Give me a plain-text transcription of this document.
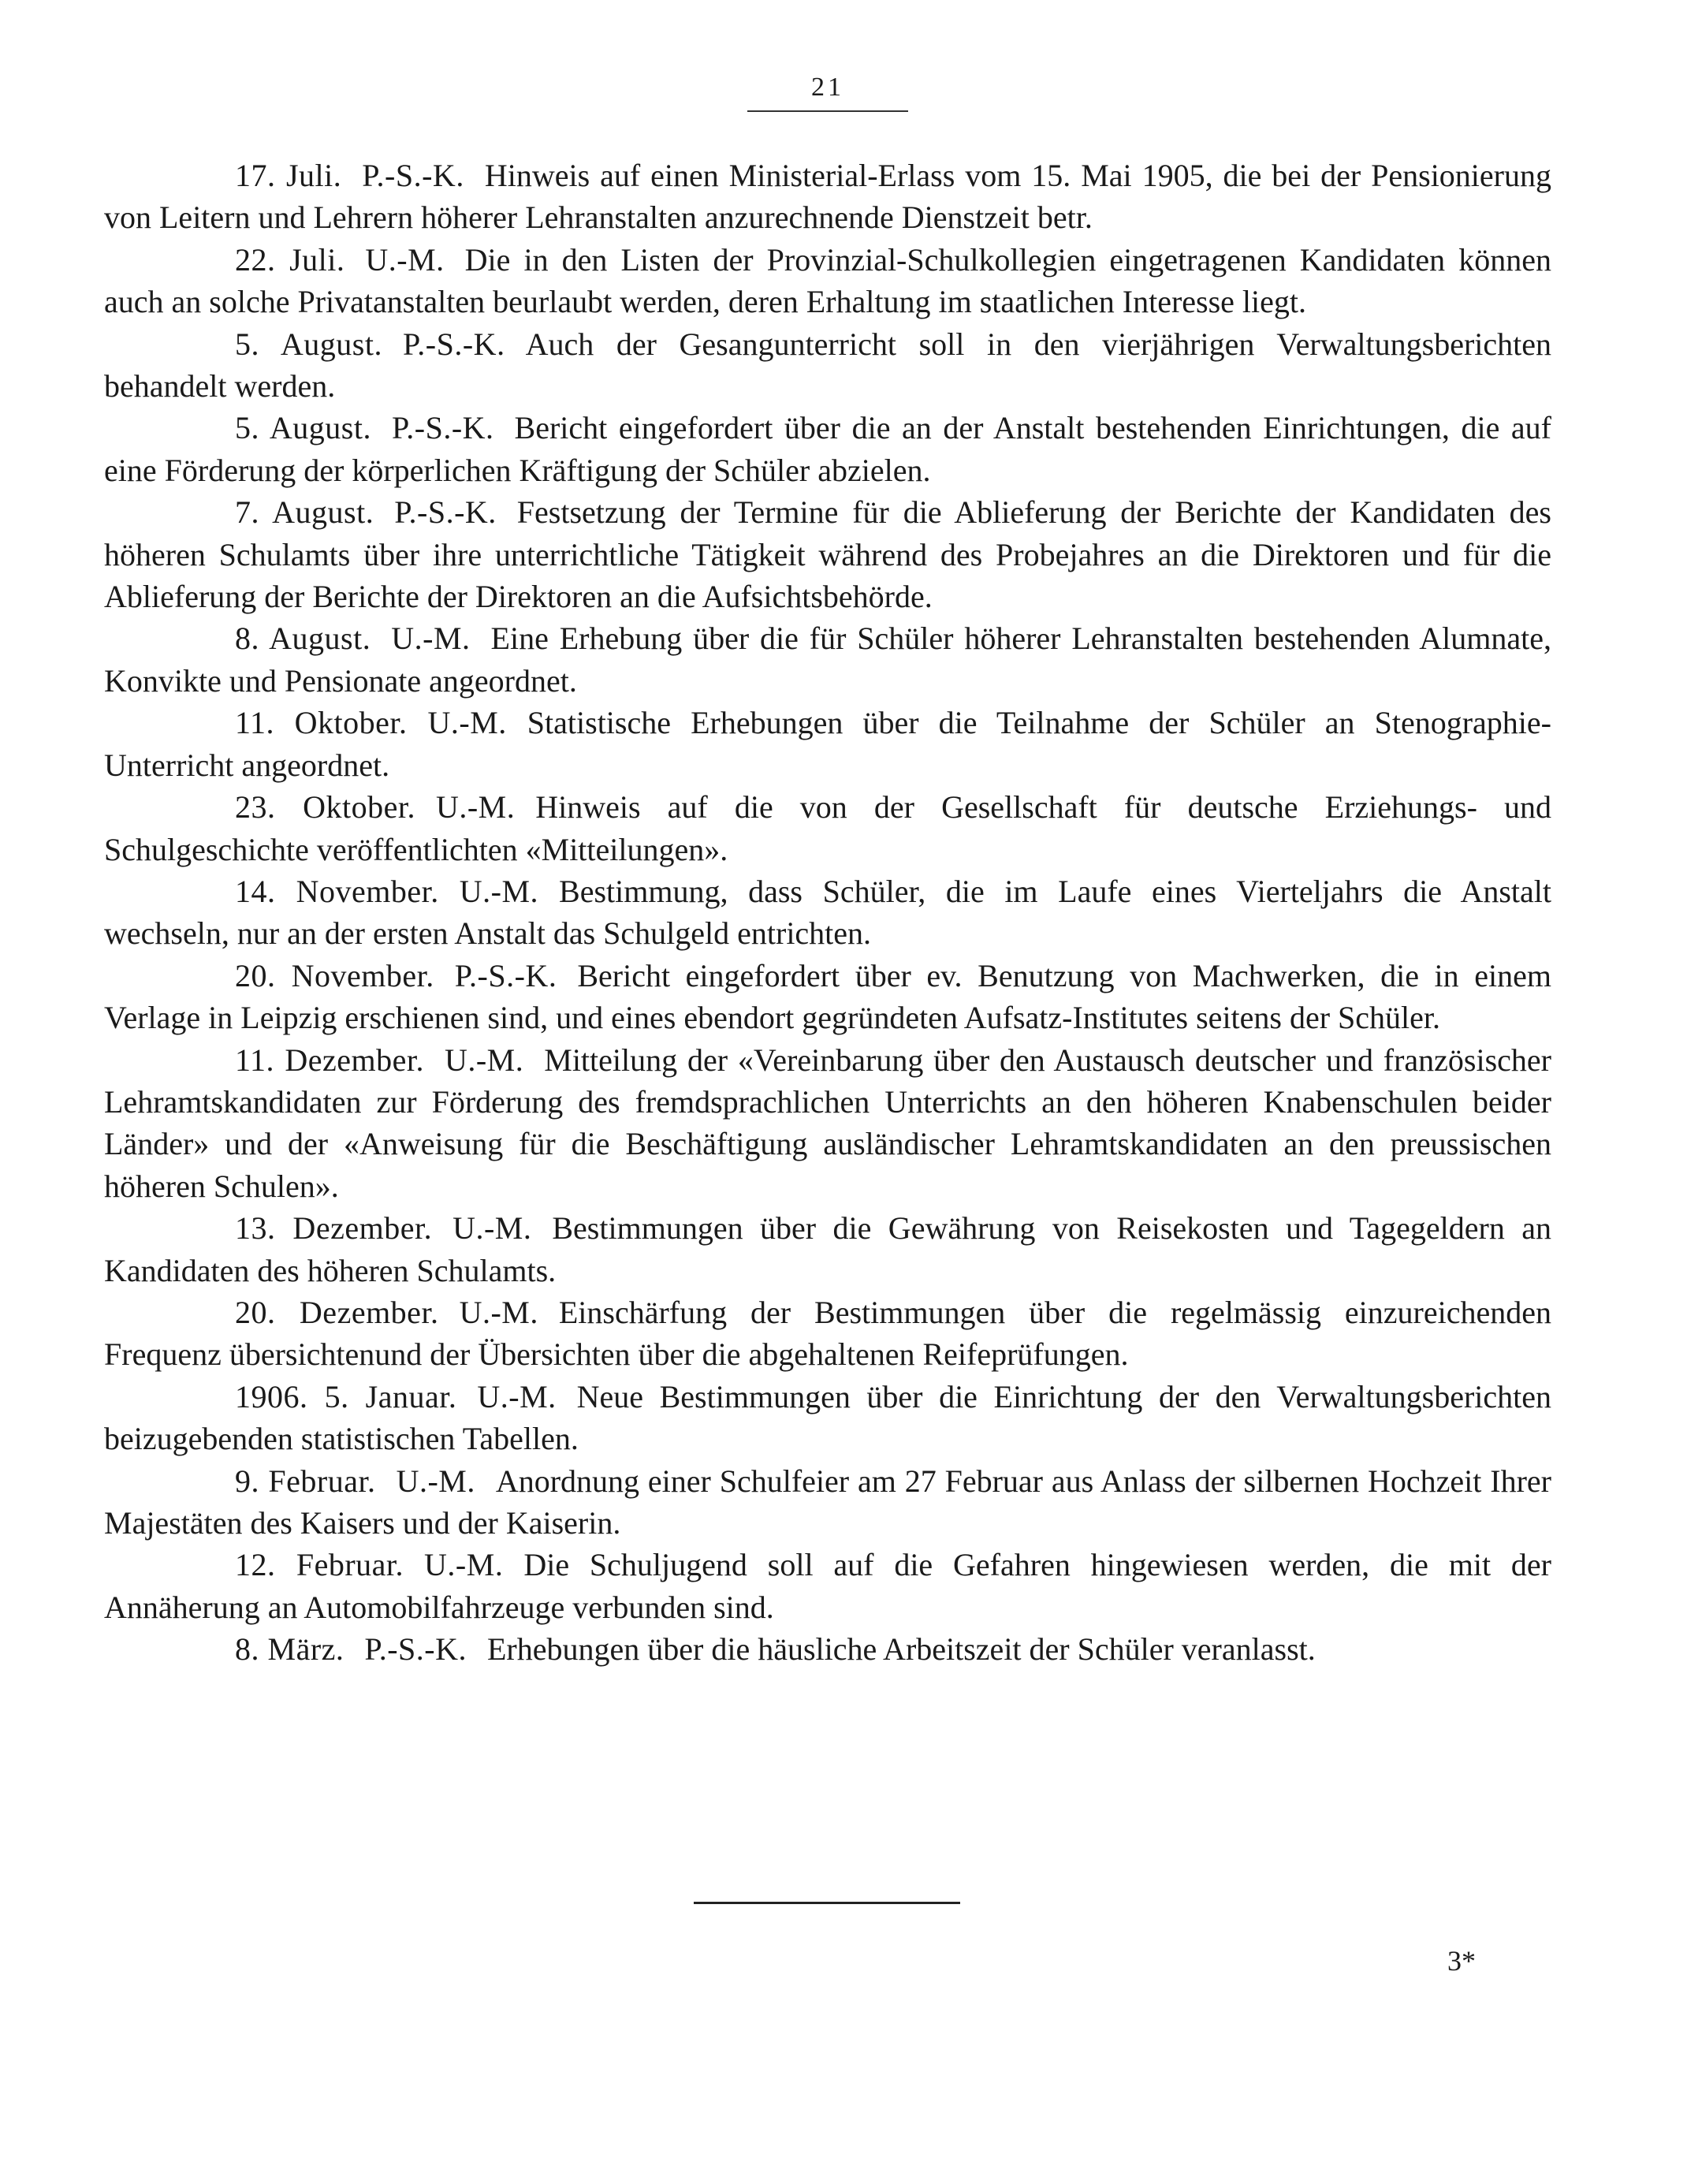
21
17. Juli. P.-S.-K. Hinweis auf einen Ministerial-Erlass vom 15. Mai 1905, die bei der Pensionierung von Leitern und Lehrern höherer Lehranstalten anzurechnende Dienstzeit betr.
22. Juli. U.-M. Die in den Listen der Provinzial-Schulkollegien eingetragenen Kandidaten können auch an solche Privatanstalten beurlaubt werden, deren Erhaltung im staatlichen Interesse liegt.
5. August. P.-S.-K. Auch der Gesangunterricht soll in den vierjährigen Verwaltungsberichten behandelt werden.
5. August. P.-S.-K. Bericht eingefordert über die an der Anstalt bestehenden Einrichtungen, die auf eine Förderung der körperlichen Kräftigung der Schüler abzielen.
7. August. P.-S.-K. Festsetzung der Termine für die Ablieferung der Berichte der Kandidaten des höheren Schulamts über ihre unterrichtliche Tätigkeit während des Probejahres an die Direktoren und für die Ablieferung der Berichte der Direktoren an die Aufsichtsbehörde.
8. August. U.-M. Eine Erhebung über die für Schüler höherer Lehranstalten bestehenden Alumnate, Konvikte und Pensionate angeordnet.
11. Oktober. U.-M. Statistische Erhebungen über die Teilnahme der Schüler an Stenographie-Unterricht angeordnet.
23. Oktober. U.-M. Hinweis auf die von der Gesellschaft für deutsche Erziehungs- und Schulgeschichte veröffentlichten «Mitteilungen».
14. November. U.-M. Bestimmung, dass Schüler, die im Laufe eines Vierteljahrs die Anstalt wechseln, nur an der ersten Anstalt das Schulgeld entrichten.
20. November. P.-S.-K. Bericht eingefordert über ev. Benutzung von Machwerken, die in einem Verlage in Leipzig erschienen sind, und eines ebendort gegründeten Aufsatz-Institutes seitens der Schüler.
11. Dezember. U.-M. Mitteilung der «Vereinbarung über den Austausch deutscher und französischer Lehramtskandidaten zur Förderung des fremdsprachlichen Unterrichts an den höheren Knabenschulen beider Länder» und der «Anweisung für die Beschäftigung ausländischer Lehramtskandidaten an den preussischen höheren Schulen».
13. Dezember. U.-M. Bestimmungen über die Gewährung von Reisekosten und Tagegeldern an Kandidaten des höheren Schulamts.
20. Dezember. U.-M. Einschärfung der Bestimmungen über die regelmässig einzureichenden Frequenz übersichtenund der Übersichten über die abgehaltenen Reifeprüfungen.
1906. 5. Januar. U.-M. Neue Bestimmungen über die Einrichtung der den Verwaltungsberichten beizugebenden statistischen Tabellen.
9. Februar. U.-M. Anordnung einer Schulfeier am 27 Februar aus Anlass der silbernen Hochzeit Ihrer Majestäten des Kaisers und der Kaiserin.
12. Februar. U.-M. Die Schuljugend soll auf die Gefahren hingewiesen werden, die mit der Annäherung an Automobilfahrzeuge verbunden sind.
8. März. P.-S.-K. Erhebungen über die häusliche Arbeitszeit der Schüler veranlasst.
3*
